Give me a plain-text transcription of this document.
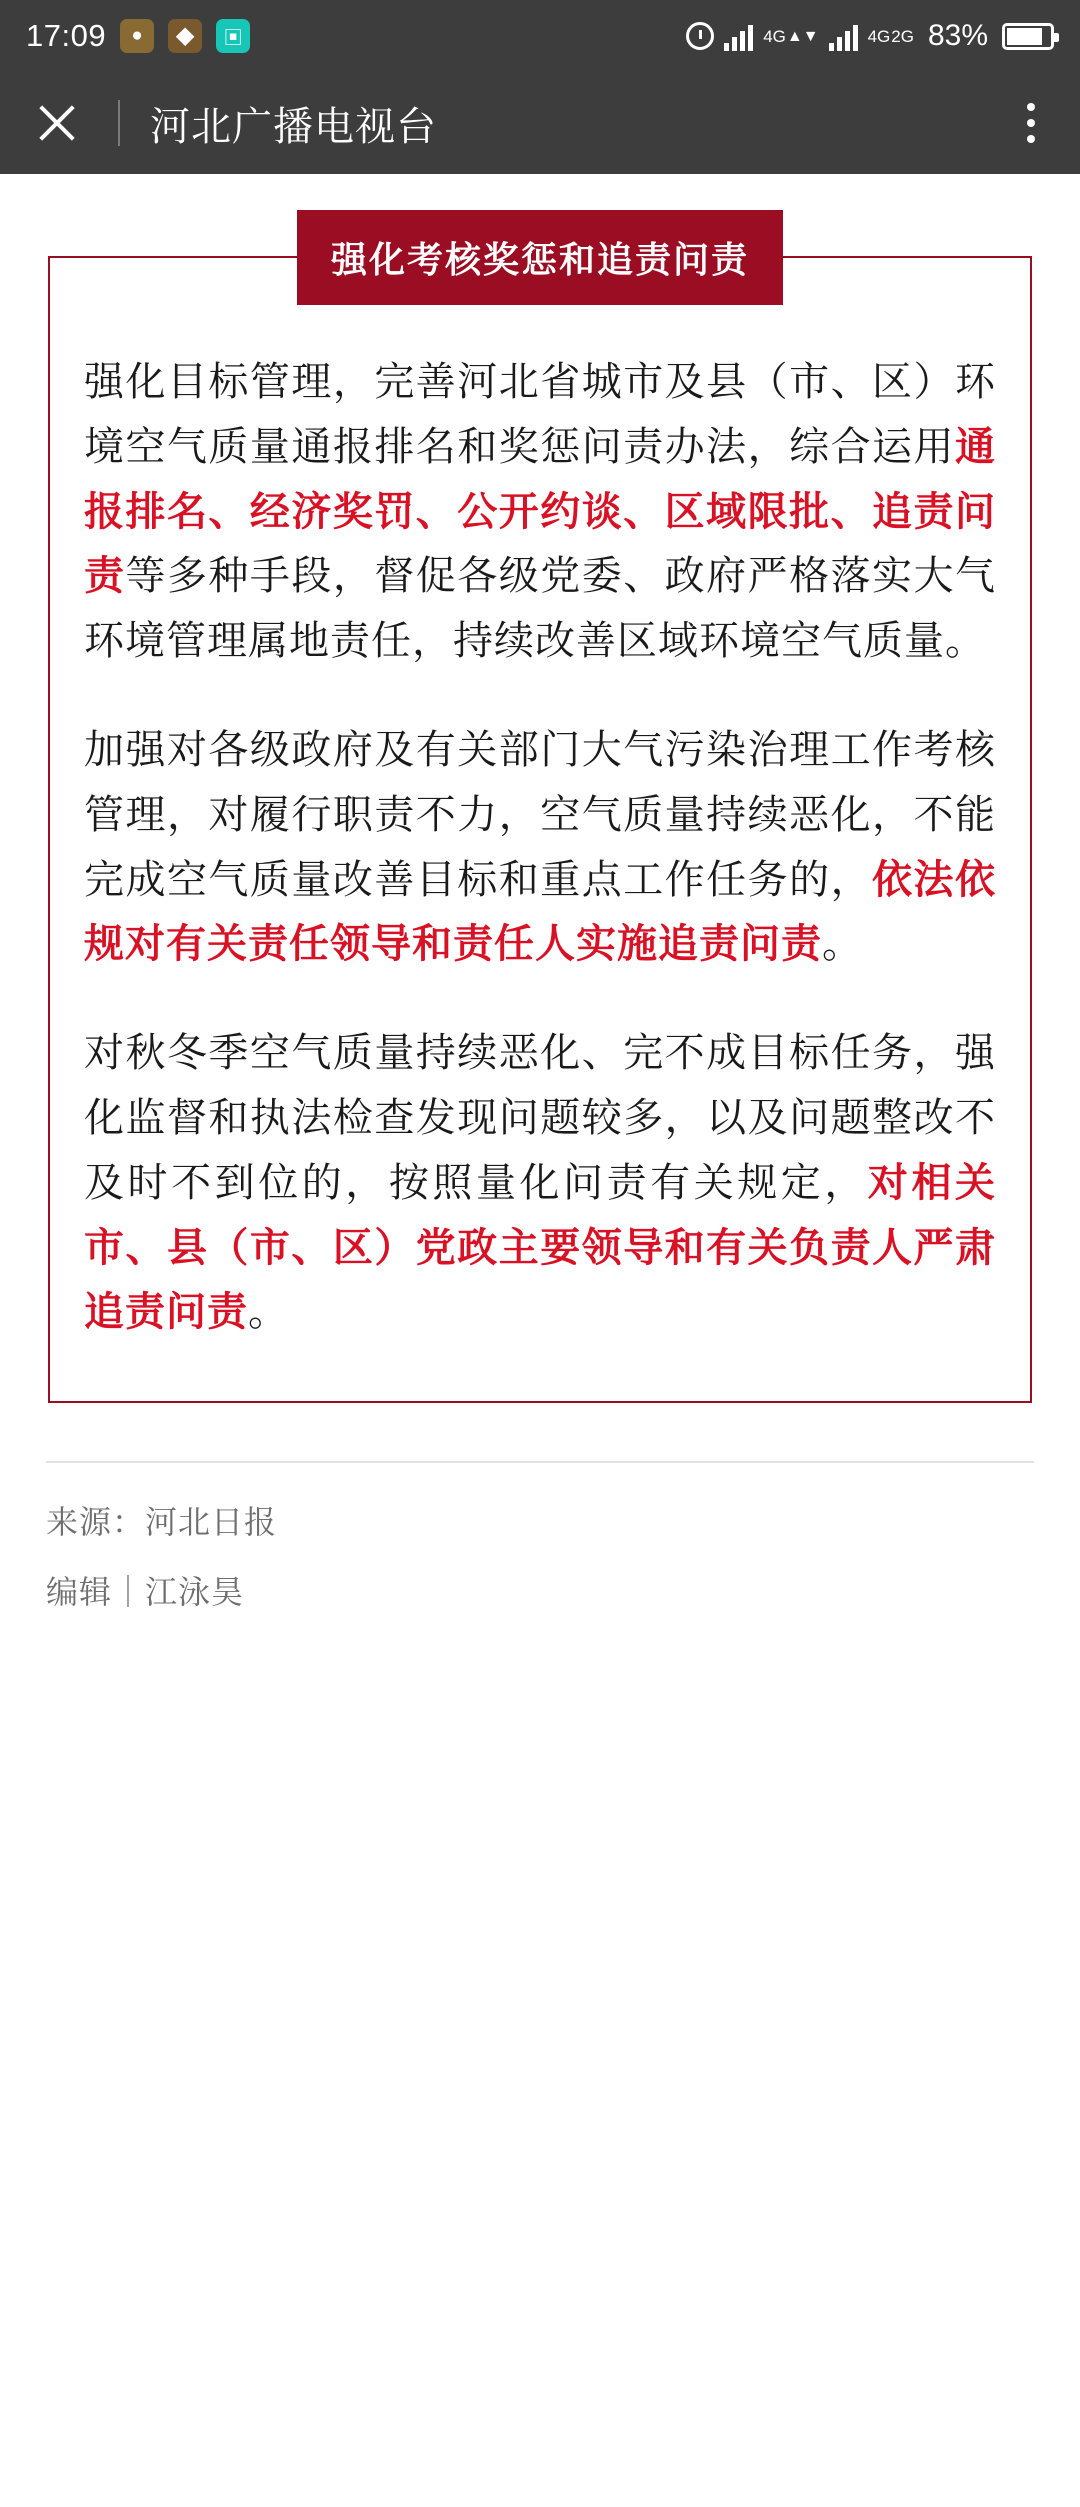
17:09	●	◆	▣	4G ▲▼	4G 2G 83%
河北广播电视台
强化考核奖惩和追责问责

强化目标管理，完善河北省城市及县（市、区）环境空气质量通报排名和奖惩问责办法，综合运用通报排名、经济奖罚、公开约谈、区域限批、追责问责等多种手段，督促各级党委、政府严格落实大气环境管理属地责任，持续改善区域环境空气质量。

加强对各级政府及有关部门大气污染治理工作考核管理，对履行职责不力，空气质量持续恶化，不能完成空气质量改善目标和重点工作任务的，依法依规对有关责任领导和责任人实施追责问责。

对秋冬季空气质量持续恶化、完不成目标任务，强化监督和执法检查发现问题较多，以及问题整改不及时不到位的，按照量化问责有关规定，对相关市、县（市、区）党政主要领导和有关负责人严肃追责问责。

来源：河北日报
编辑｜江泳昊
